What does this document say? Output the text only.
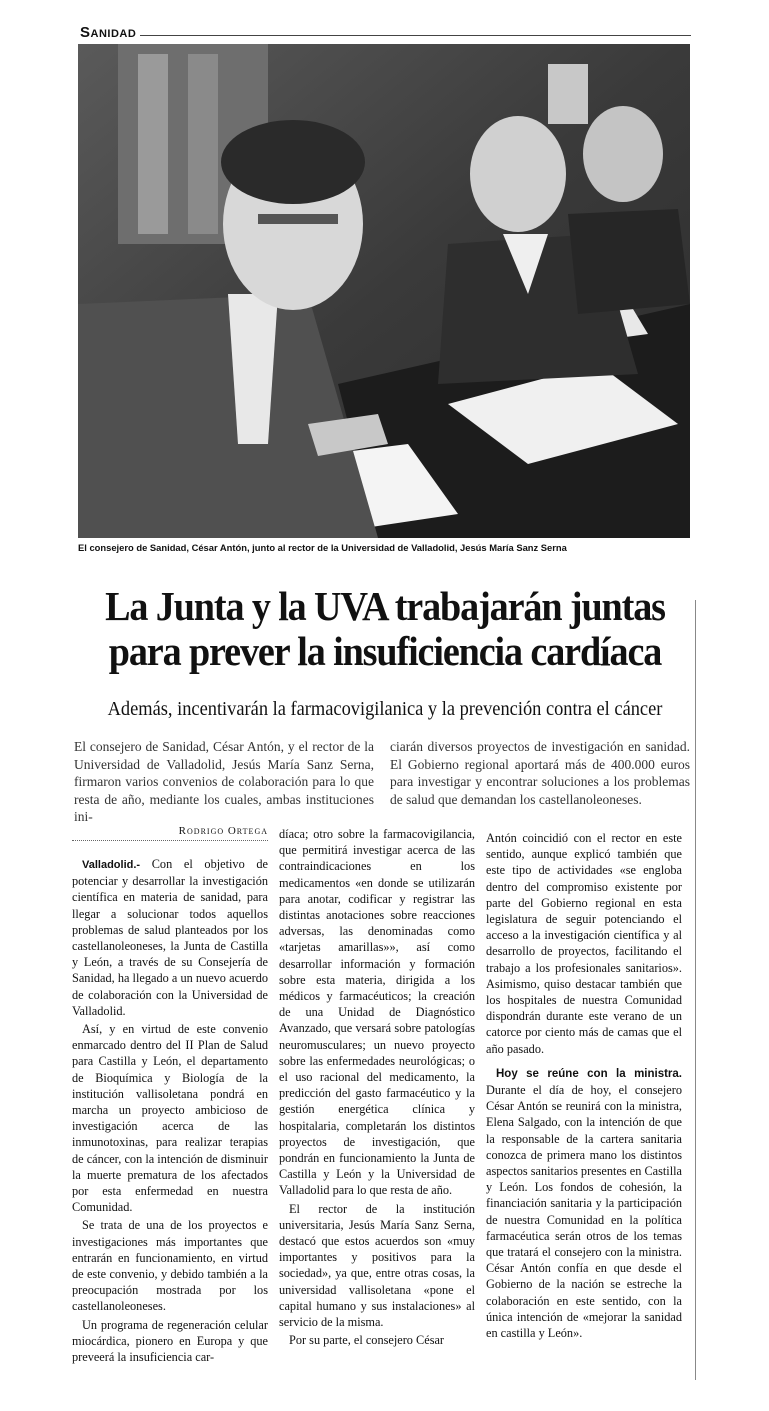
Sanidad
El consejero de Sanidad, César Antón, junto al rector de la Universidad de Valladolid, Jesús María Sanz Serna
La Junta y la UVA trabajarán juntas
para prever la insuficiencia cardíaca
Además, incentivarán la farmacovigilanica y la prevención contra el cáncer
El consejero de Sanidad, César Antón, y el rector de la Universidad de Valladolid, Jesús María Sanz Serna, firmaron varios convenios de colaboración para lo que resta de año, mediante los cuales, ambas instituciones ini-
ciarán diversos proyectos de investigación en sanidad. El Gobierno regional aportará más de 400.000 euros para investigar y encontrar soluciones a los problemas de salud que demandan los castellanoleoneses.
Rodrigo Ortega

Valladolid.- Con el objetivo de potenciar y desarrollar la investigación científica en materia de sanidad, para llegar a solucionar todos aquellos problemas de salud planteados por los castellanoleoneses, la Junta de Castilla y León, a través de su Consejería de Sanidad, ha llegado a un nuevo acuerdo de colaboración con la Universidad de Valladolid.

Así, y en virtud de este convenio enmarcado dentro del II Plan de Salud para Castilla y León, el departamento de Bioquímica y Biología de la institución vallisoletana pondrá en marcha un proyecto ambicioso de investigación acerca de las inmunotoxinas, para realizar terapias de cáncer, con la intención de disminuir la muerte prematura de los afectados por esta enfermedad en nuestra Comunidad.

Se trata de una de los proyectos e investigaciones más importantes que entrarán en funcionamiento, en virtud de este convenio, y debido también a la preocupación mostrada por los castellanoleoneses.

Un programa de regeneración celular miocárdica, pionero en Europa y que preveerá la insuficiencia car-

díaca; otro sobre la farmacovigilancia, que permitirá investigar acerca de las contraindicaciones en los medicamentos «en donde se utilizarán para anotar, codificar y registrar las distintas anotaciones sobre reacciones adversas, las denominadas como «tarjetas amarillas»», así como desarrollar información y formación sobre esta materia, dirigida a los médicos y farmacéuticos; la creación de una Unidad de Diagnóstico Avanzado, que versará sobre patologías neuromusculares; un nuevo proyecto sobre las enfermedades neurológicas; o el uso racional del medicamento, la predicción del gasto farmacéutico y la gestión energética clínica y hospitalaria, completarán los distintos proyectos de investigación, que pondrán en funcionamiento la Junta de Castilla y León y la Universidad de Valladolid para lo que resta de año.

El rector de la institución universitaria, Jesús María Sanz Serna, destacó que estos acuerdos son «muy importantes y positivos para la sociedad», ya que, entre otras cosas, la universidad vallisoletana «pone el capital humano y sus instalaciones» al servicio de la misma.

Por su parte, el consejero César

Antón coincidió con el rector en este sentido, aunque explicó también que este tipo de actividades «se engloba dentro del compromiso existente por parte del Gobierno regional en esta legislatura de seguir potenciando el acceso a la investigación científica y al desarrollo de proyectos, facilitando el trabajo a los profesionales sanitarios». Asimismo, quiso destacar también que los hospitales de nuestra Comunidad dispondrán durante este verano de un catorce por ciento más de camas que el año pasado.

Hoy se reúne con la ministra. Durante el día de hoy, el consejero César Antón se reunirá con la ministra, Elena Salgado, con la intención de que la responsable de la cartera sanitaria conozca de primera mano los distintos aspectos sanitarios presentes en Castilla y León. Los fondos de cohesión, la financiación sanitaria y la participación de nuestra Comunidad en la política farmacéutica serán otros de los temas que tratará el consejero con la ministra. César Antón confía en que desde el Gobierno de la nación se estreche la colaboración en este sentido, con la única intención de «mejorar la sanidad en castilla y León».
